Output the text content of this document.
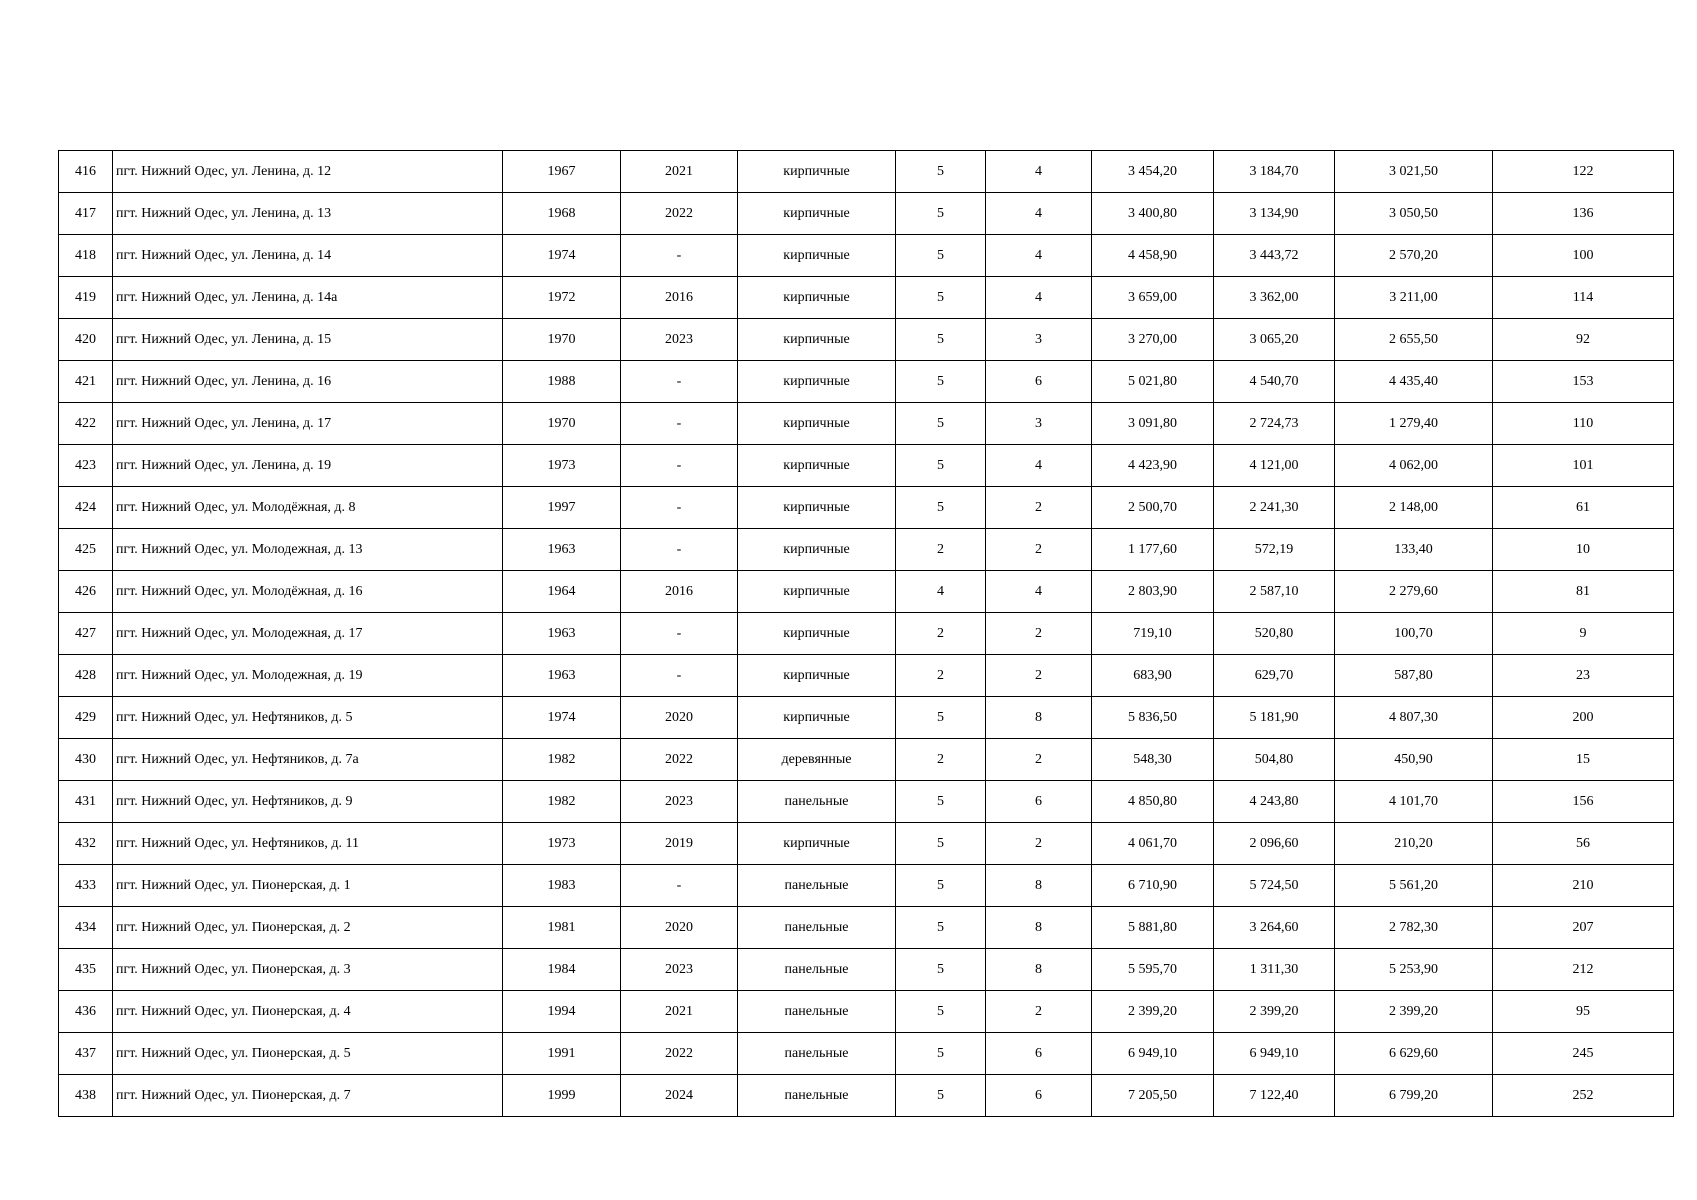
416	пгт. Нижний Одес, ул. Ленина, д. 12	1967	2021	кирпичные	5	4	3 454,20	3 184,70	3 021,50	122
417	пгт. Нижний Одес, ул. Ленина, д. 13	1968	2022	кирпичные	5	4	3 400,80	3 134,90	3 050,50	136
418	пгт. Нижний Одес, ул. Ленина, д. 14	1974	-	кирпичные	5	4	4 458,90	3 443,72	2 570,20	100
419	пгт. Нижний Одес, ул. Ленина, д. 14а	1972	2016	кирпичные	5	4	3 659,00	3 362,00	3 211,00	114
420	пгт. Нижний Одес, ул. Ленина, д. 15	1970	2023	кирпичные	5	3	3 270,00	3 065,20	2 655,50	92
421	пгт. Нижний Одес, ул. Ленина, д. 16	1988	-	кирпичные	5	6	5 021,80	4 540,70	4 435,40	153
422	пгт. Нижний Одес, ул. Ленина, д. 17	1970	-	кирпичные	5	3	3 091,80	2 724,73	1 279,40	110
423	пгт. Нижний Одес, ул. Ленина, д. 19	1973	-	кирпичные	5	4	4 423,90	4 121,00	4 062,00	101
424	пгт. Нижний Одес, ул. Молодёжная, д. 8	1997	-	кирпичные	5	2	2 500,70	2 241,30	2 148,00	61
425	пгт. Нижний Одес, ул. Молодежная, д. 13	1963	-	кирпичные	2	2	1 177,60	572,19	133,40	10
426	пгт. Нижний Одес, ул. Молодёжная, д. 16	1964	2016	кирпичные	4	4	2 803,90	2 587,10	2 279,60	81
427	пгт. Нижний Одес, ул. Молодежная, д. 17	1963	-	кирпичные	2	2	719,10	520,80	100,70	9
428	пгт. Нижний Одес, ул. Молодежная, д. 19	1963	-	кирпичные	2	2	683,90	629,70	587,80	23
429	пгт. Нижний Одес, ул. Нефтяников, д. 5	1974	2020	кирпичные	5	8	5 836,50	5 181,90	4 807,30	200
430	пгт. Нижний Одес, ул. Нефтяников, д. 7а	1982	2022	деревянные	2	2	548,30	504,80	450,90	15
431	пгт. Нижний Одес, ул. Нефтяников, д. 9	1982	2023	панельные	5	6	4 850,80	4 243,80	4 101,70	156
432	пгт. Нижний Одес, ул. Нефтяников, д. 11	1973	2019	кирпичные	5	2	4 061,70	2 096,60	210,20	56
433	пгт. Нижний Одес, ул. Пионерская, д. 1	1983	-	панельные	5	8	6 710,90	5 724,50	5 561,20	210
434	пгт. Нижний Одес, ул. Пионерская, д. 2	1981	2020	панельные	5	8	5 881,80	3 264,60	2 782,30	207
435	пгт. Нижний Одес, ул. Пионерская, д. 3	1984	2023	панельные	5	8	5 595,70	1 311,30	5 253,90	212
436	пгт. Нижний Одес, ул. Пионерская, д. 4	1994	2021	панельные	5	2	2 399,20	2 399,20	2 399,20	95
437	пгт. Нижний Одес, ул. Пионерская, д. 5	1991	2022	панельные	5	6	6 949,10	6 949,10	6 629,60	245
438	пгт. Нижний Одес, ул. Пионерская, д. 7	1999	2024	панельные	5	6	7 205,50	7 122,40	6 799,20	252
